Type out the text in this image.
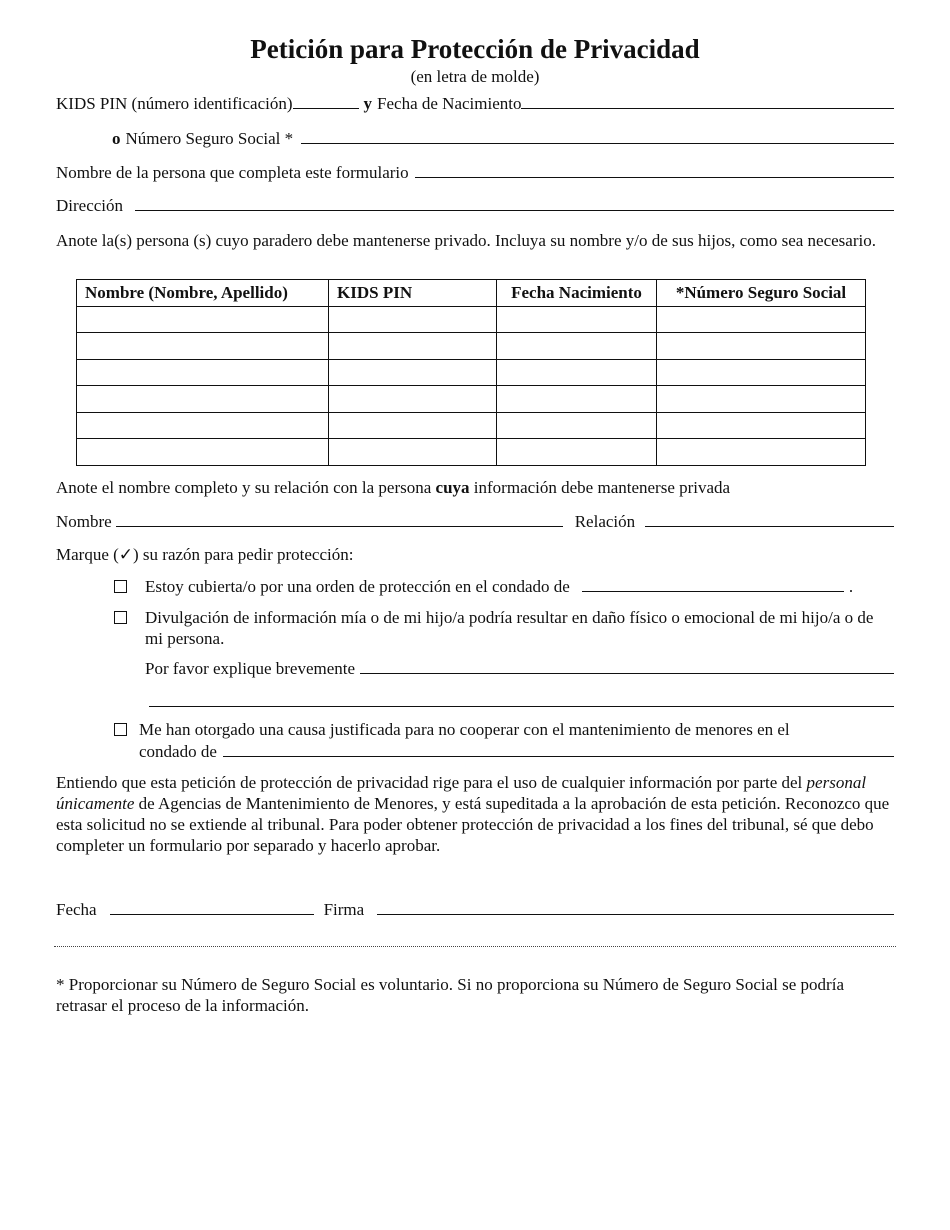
Petición para Protección de Privacidad
(en letra de molde)
KIDS PIN (número identificación)	y Fecha de Nacimiento
o Número Seguro Social *
Nombre de la persona que completa este formulario
Dirección
Anote la(s) persona (s) cuyo paradero debe mantenerse privado. Incluya su nombre y/o de sus hijos, como sea necesario.
Nombre (Nombre, Apellido)	KIDS PIN	Fecha Nacimiento	*Número Seguro Social

Anote el nombre completo y su relación con la persona cuya información debe mantenerse privada
Nombre	Relación
Marque (✓) su razón para pedir protección:
Estoy cubierta/o por una orden de protección en el condado de	.
Divulgación de información mía o de mi hijo/a podría resultar en daño físico o emocional de mi hijo/a o de mi persona.
Por favor explique brevemente
Me han otorgado una causa justificada para no cooperar con el mantenimiento de menores en el
condado de
Entiendo que esta petición de protección de privacidad rige para el uso de cualquier información por parte del personal únicamente de Agencias de Mantenimiento de Menores, y está supeditada a la aprobación de esta petición. Reconozco que esta solicitud no se extiende al tribunal. Para poder obtener protección de privacidad a los fines del tribunal, sé que debo completer un formulario por separado y hacerlo aprobar.
Fecha	Firma
* Proporcionar su Número de Seguro Social es voluntario. Si no proporciona su Número de Seguro Social se podría retrasar el proceso de la información.
